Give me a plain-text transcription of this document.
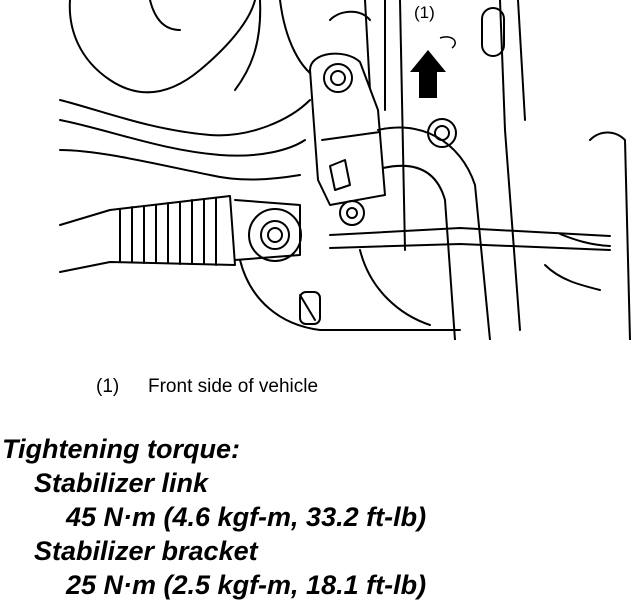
(1)
(1) Front side of vehicle
Tightening torque:
Stabilizer link
45 N·m (4.6 kgf-m, 33.2 ft-lb)
Stabilizer bracket
25 N·m (2.5 kgf-m, 18.1 ft-lb)
